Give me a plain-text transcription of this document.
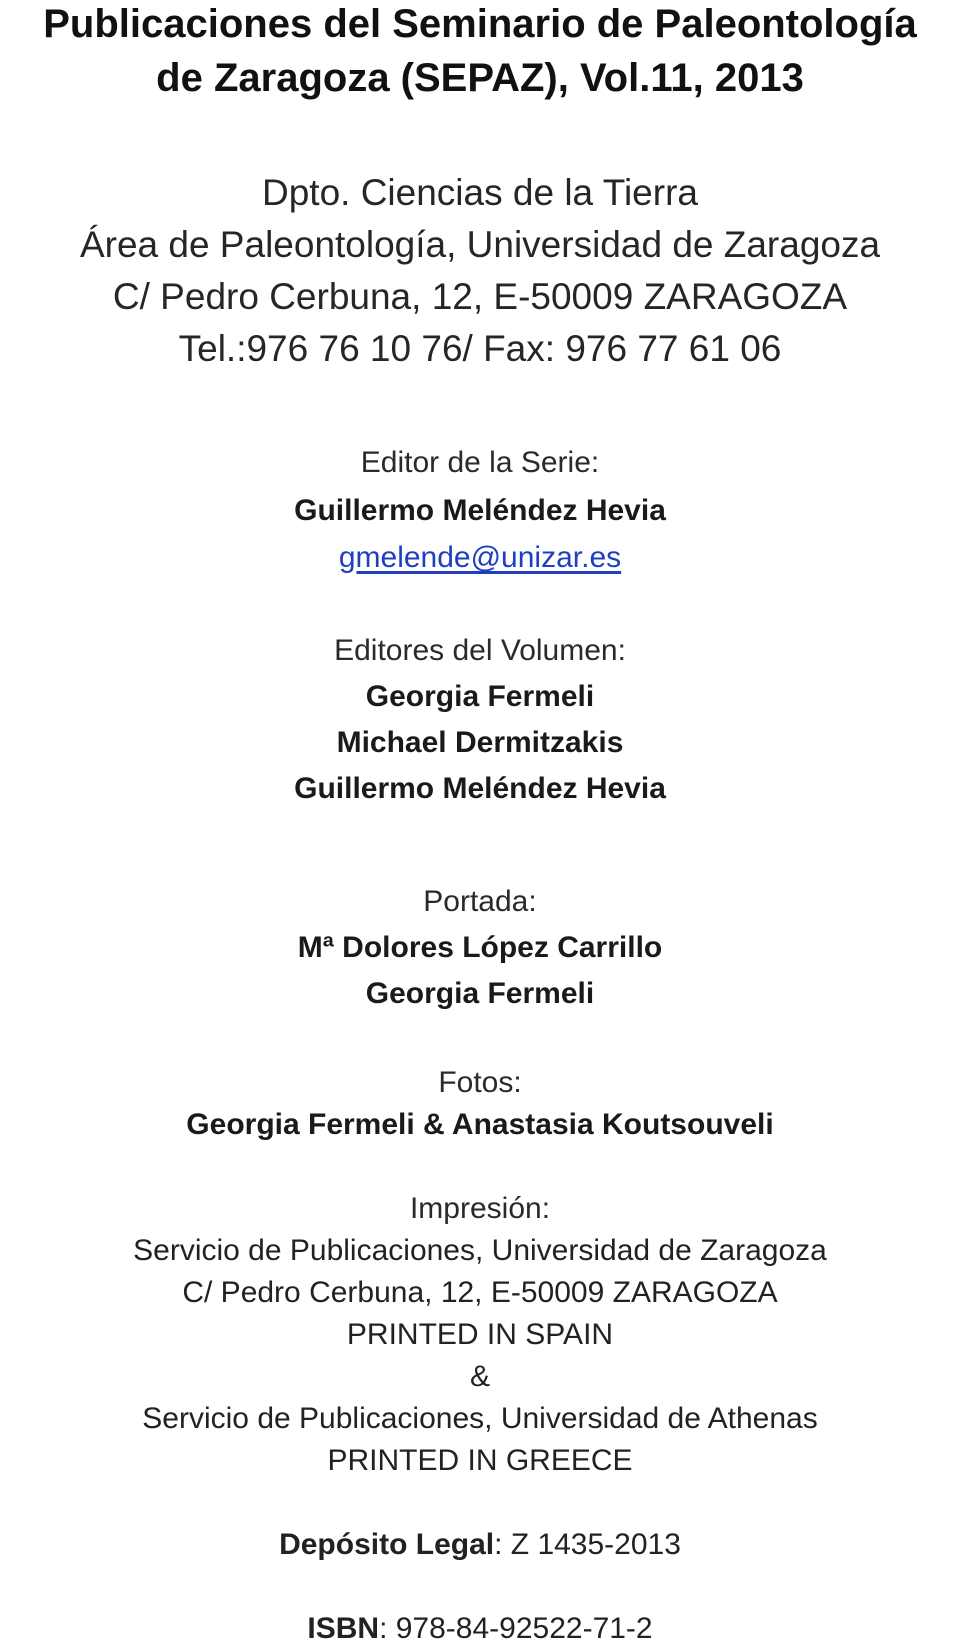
Publicaciones del Seminario de Paleontología
de Zaragoza (SEPAZ), Vol.11, 2013
Dpto. Ciencias de la Tierra
Área de Paleontología, Universidad de Zaragoza
C/ Pedro Cerbuna, 12, E-50009 ZARAGOZA
Tel.:976 76 10 76/ Fax: 976 77 61 06
Editor de la Serie:
Guillermo Meléndez Hevia
gmelende@unizar.es
Editores del Volumen:
Georgia Fermeli
Michael Dermitzakis
Guillermo Meléndez Hevia
Portada:
Mª Dolores López Carrillo
Georgia Fermeli
Fotos:
Georgia Fermeli & Anastasia Koutsouveli
Impresión:
Servicio de Publicaciones, Universidad de Zaragoza
C/ Pedro Cerbuna, 12, E-50009 ZARAGOZA
PRINTED IN SPAIN
&
Servicio de Publicaciones, Universidad de Athenas
PRINTED IN GREECE
Depósito Legal: Z 1435-2013
ISBN: 978-84-92522-71-2
